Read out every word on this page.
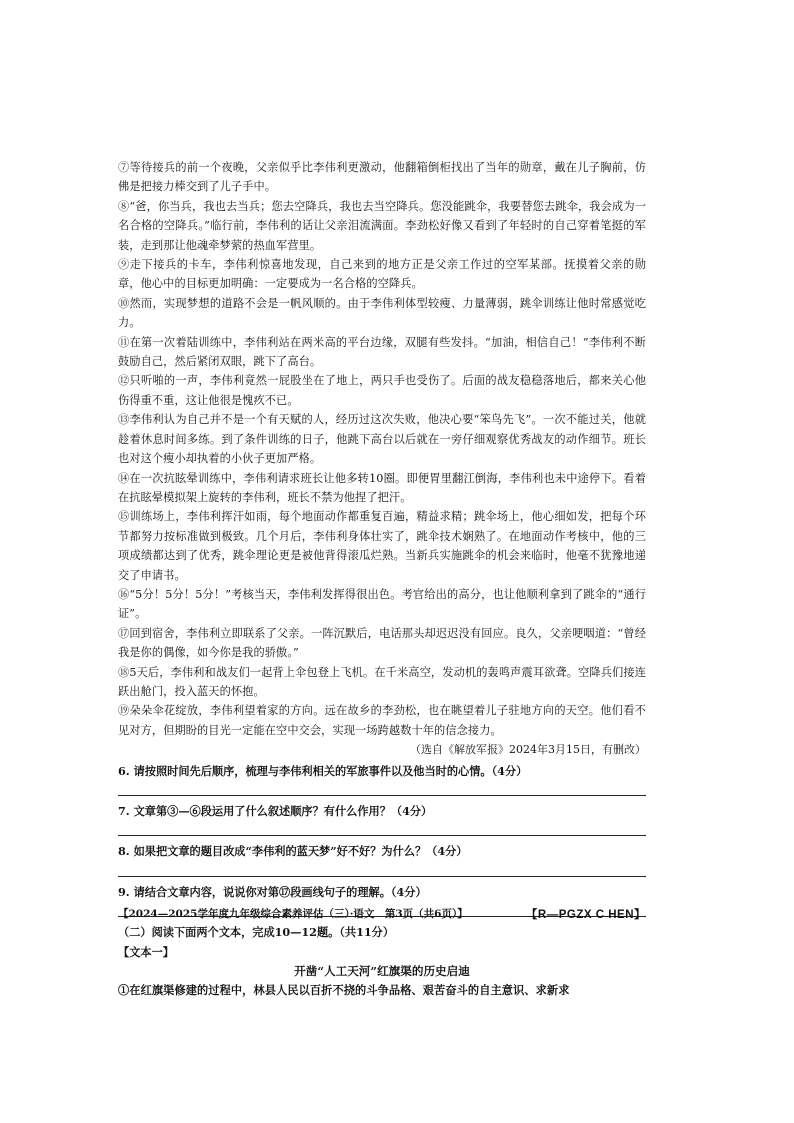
⑦等待接兵的前一个夜晚，父亲似乎比李伟利更激动，他翻箱倒柜找出了当年的勋章，戴在儿子胸前，仿佛是把接力棒交到了儿子手中。

⑧“爸，你当兵，我也去当兵；您去空降兵，我也去当空降兵。您没能跳伞，我要替您去跳伞，我会成为一名合格的空降兵。”临行前，李伟利的话让父亲泪流满面。李劲松好像又看到了年轻时的自己穿着笔挺的军装，走到那让他魂牵梦萦的热血军营里。

⑨走下接兵的卡车，李伟利惊喜地发现，自己来到的地方正是父亲工作过的空军某部。抚摸着父亲的勋章，他心中的目标更加明确：一定要成为一名合格的空降兵。

⑩然而，实现梦想的道路不会是一帆风顺的。由于李伟利体型较瘦、力量薄弱，跳伞训练让他时常感觉吃力。

⑪在第一次着陆训练中，李伟利站在两米高的平台边缘，双腿有些发抖。“加油，相信自己！”李伟利不断鼓励自己，然后紧闭双眼，跳下了高台。

⑫只听啪的一声，李伟利竟然一屁股坐在了地上，两只手也受伤了。后面的战友稳稳落地后，都来关心他伤得重不重，这让他很是愧疚不已。

⑬李伟利认为自己并不是一个有天赋的人，经历过这次失败，他决心要“笨鸟先飞”。一次不能过关，他就趁着休息时间多练。到了条件训练的日子，他跳下高台以后就在一旁仔细观察优秀战友的动作细节。班长也对这个瘦小却执着的小伙子更加严格。

⑭在一次抗眩晕训练中，李伟利请求班长让他多转10圈。即便胃里翻江倒海，李伟利也未中途停下。看着在抗眩晕模拟架上旋转的李伟利，班长不禁为他捏了把汗。

⑮训练场上，李伟利挥汗如雨，每个地面动作都重复百遍，精益求精；跳伞场上，他心细如发，把每个环节都努力按标准做到极致。几个月后，李伟利身体壮实了，跳伞技术娴熟了。在地面动作考核中，他的三项成绩都达到了优秀，跳伞理论更是被他背得滚瓜烂熟。当新兵实施跳伞的机会来临时，他毫不犹豫地递交了申请书。

⑯“5分！5分！5分！”考核当天，李伟利发挥得很出色。考官给出的高分，也让他顺利拿到了跳伞的“通行证”。

⑰回到宿舍，李伟利立即联系了父亲。一阵沉默后，电话那头却迟迟没有回应。良久，父亲哽咽道：“曾经我是你的偶像，如今你是我的骄傲。”

⑱5天后，李伟利和战友们一起背上伞包登上飞机。在千米高空，发动机的轰鸣声震耳欲聋。空降兵们接连跃出舱门，投入蓝天的怀抱。

⑲朵朵伞花绽放，李伟利望着家的方向。远在故乡的李劲松，也在眺望着儿子驻地方向的天空。他们看不见对方，但期盼的目光一定能在空中交会，实现一场跨越数十年的信念接力。

（选自《解放军报》2024年3月15日，有删改）

6. 请按照时间先后顺序，梳理与李伟利相关的军旅事件以及他当时的心情。（4分）

7. 文章第③—⑥段运用了什么叙述顺序？有什么作用？（4分）

8. 如果把文章的题目改成“李伟利的蓝天梦”好不好？为什么？（4分）

9. 请结合文章内容，说说你对第⑰段画线句子的理解。（4分）

（二）阅读下面两个文本，完成10—12题。（共11分）

【文本一】

开凿“人工天河”红旗渠的历史启迪

①在红旗渠修建的过程中，林县人民以百折不挠的斗争品格、艰苦奋斗的自主意识、求新求

【2024—2025学年度九年级综合素养评估（三）·语文　第3页（共6页）】	【R—PGZX C HEN】
